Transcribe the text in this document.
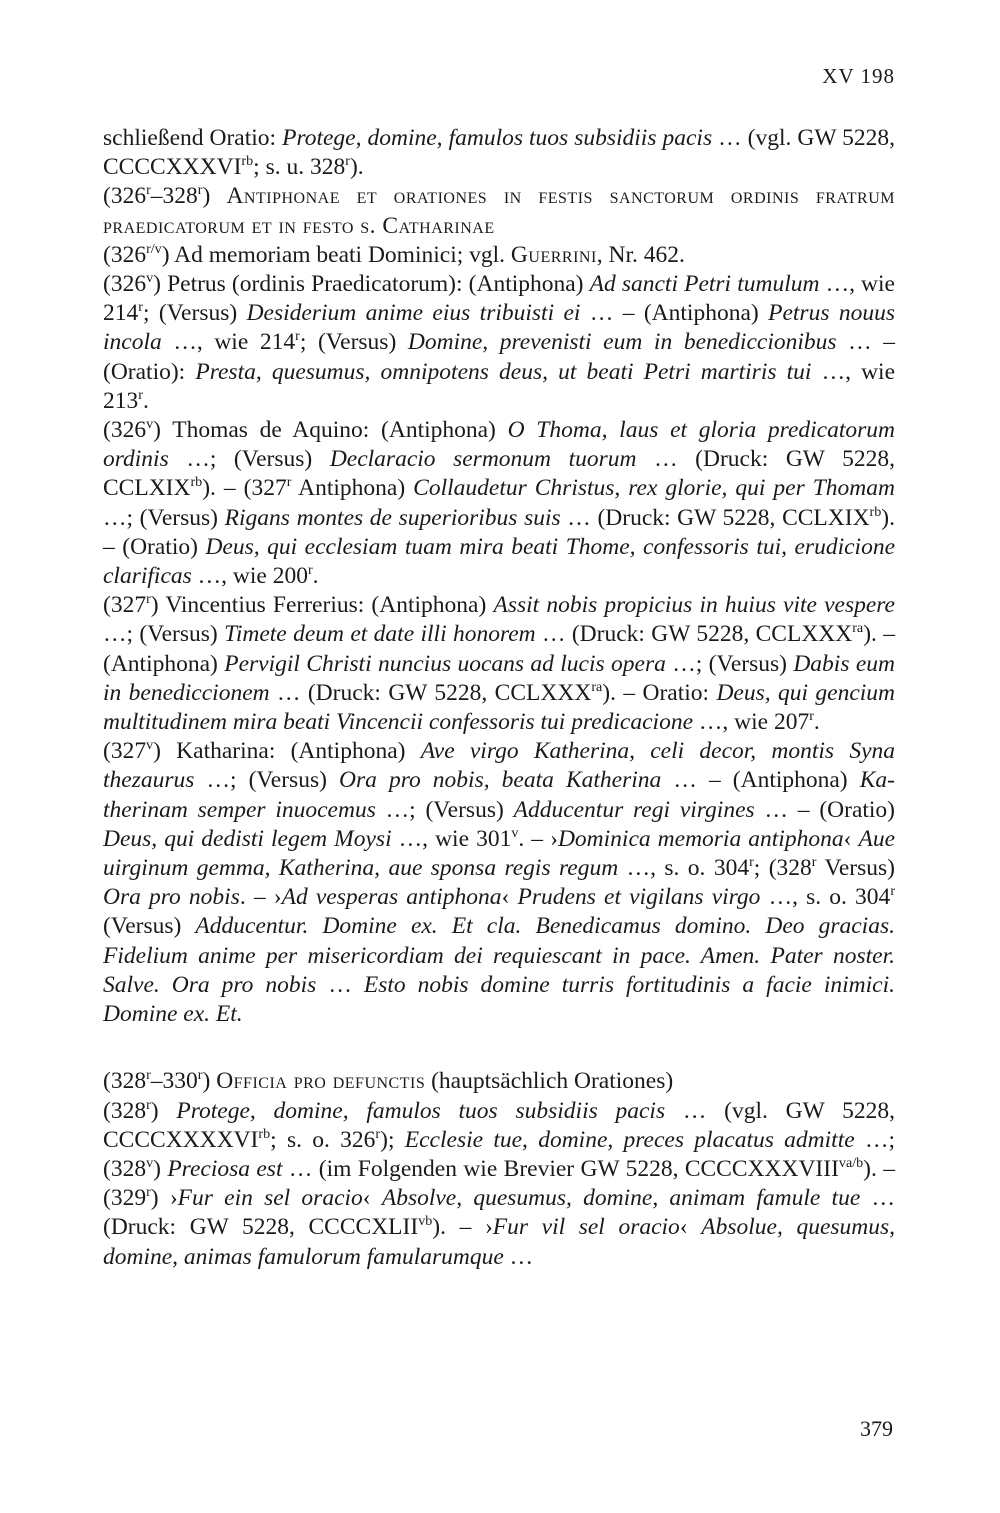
XV 198

schließend Oratio: Protege, domine, famulos tuos subsidiis pacis … (vgl. GW 5228, $CCCCXXXVI^{rb}$; s. u. 328$^r$).

(326$^r$–328$^r$) Antiphonae et orationes in festis sanctorum ordinis fratrum praedicatorum et in festo s. Catharinae

$(326^{r/v})$ Ad memoriam beati Dominici; vgl. Guerrini, Nr. 462.

(326$^v$) Petrus (ordinis Praedicatorum): (Antiphona) Ad sancti Petri tumulum …, wie 214$^r$; (Versus) Desiderium anime eius tribuisti ei … – (Antiphona) Petrus nouus incola …, wie 214$^r$; (Versus) Domine, prevenisti eum in benediccionibus … – (Oratio): Presta, quesumus, omnipotens deus, ut beati Petri martiris tui …, wie 213$^r$.

(326$^v$) Thomas de Aquino: (Antiphona) O Thoma, laus et gloria predicatorum ordinis …; (Versus) Declaracio sermonum tuorum … (Druck: GW 5228, $CCLXIX^{rb}$). – (327$^r$ Antiphona) Collaudetur Christus, rex glorie, qui per Thomam …; (Versus) Rigans montes de superioribus suis … (Druck: GW 5228, $CCLXIX^{rb}$). – (Oratio) Deus, qui ecclesiam tuam mira beati Thome, confessoris tui, erudicione clarificas …, wie 200$^r$.

(327$^r$) Vincentius Ferrerius: (Antiphona) Assit nobis propicius in huius vite vespere …; (Versus) Timete deum et date illi honorem … (Druck: GW 5228, $CCLXXX^{ra}$). – (Antiphona) Pervigil Christi nuncius uocans ad lucis opera …; (Versus) Dabis eum in benediccionem … (Druck: GW 5228, $CCLXXX^{ra}$). – Oratio: Deus, qui gencium multitudinem mira beati Vincencii confessoris tui predicacione …, wie 207$^r$.

(327$^v$) Katharina: (Antiphona) Ave virgo Katherina, celi decor, montis Syna thezaurus …; (Versus) Ora pro nobis, beata Katherina … – (Antiphona) Katherinam semper inuocemus …; (Versus) Adducentur regi virgines … – (Oratio) Deus, qui dedisti legem Moysi …, wie 301$^v$. – ›Dominica memoria antiphona‹ Aue uirginum gemma, Katherina, aue sponsa regis regum …, s. o. 304$^r$; (328$^r$ Versus) Ora pro nobis. – ›Ad vesperas antiphona‹ Prudens et vigilans virgo …, s. o. 304$^r$ (Versus) Adducentur. Domine ex. Et cla. Benedicamus domino. Deo gracias. Fidelium anime per misericordiam dei requiescant in pace. Amen. Pater noster. Salve. Ora pro nobis … Esto nobis domine turris fortitudinis a facie inimici. Domine ex. Et.

(328$^r$–330$^r$) Officia pro defunctis (hauptsächlich Orationes)

(328$^r$) Protege, domine, famulos tuos subsidiis pacis … (vgl. GW 5228, $CCCCXXXXVI^{rb}$; s. o. 326$^r$); Ecclesie tue, domine, preces placatus admitte …; (328$^v$) Preciosa est … (im Folgenden wie Brevier GW 5228, $CCCCXXXVIII^{va/b}$). – (329$^r$) ›Fur ein sel oracio‹ Absolve, quesumus, domine, animam famule tue … (Druck: GW 5228, $CCCCXLII^{vb}$). – ›Fur vil sel oracio‹ Absolue, quesumus, domine, animas famulorum famularumque …

379
